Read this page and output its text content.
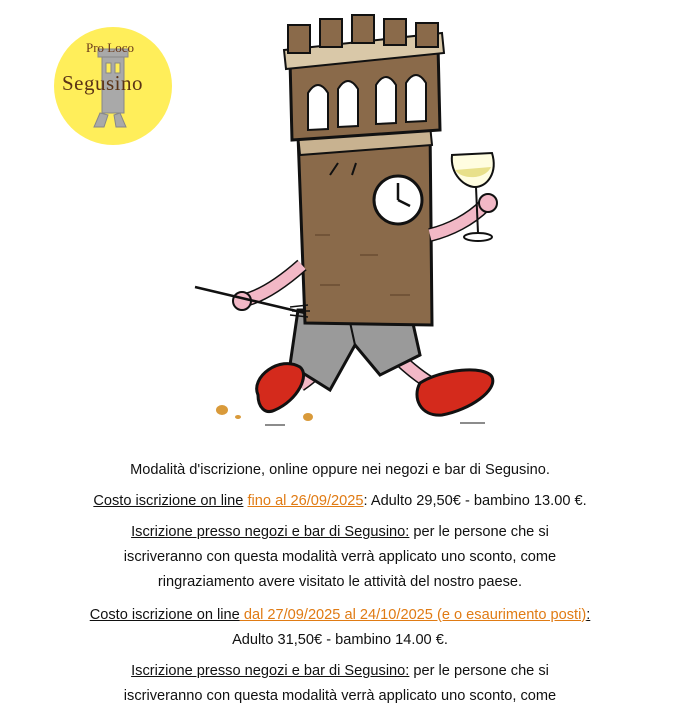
Pro Loco
Segusino

Modalità d'iscrizione, online oppure nei negozi e bar di Segusino.

Costo iscrizione on line fino al 26/09/2025: Adulto 29,50€ - bambino 13.00 €.

Iscrizione presso negozi e bar di Segusino: per le persone che si

iscriveranno con questa modalità verrà applicato uno sconto, come

ringraziamento avere visitato le attività del nostro paese.

Costo iscrizione on line dal 27/09/2025 al 24/10/2025 (e o esaurimento posti):

Adulto 31,50€ - bambino 14.00 €.

Iscrizione presso negozi e bar di Segusino: per le persone che si

iscriveranno con questa modalità verrà applicato uno sconto, come
